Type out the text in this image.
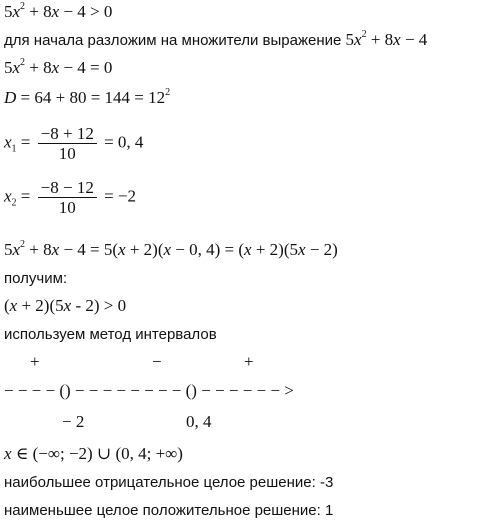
$5x^2 + 8x - 4 > 0$
для начала разложим на множители выражение $5x^2 + 8x - 4$
$5x^2 + 8x - 4 = 0$
$D = 64 + 80 = 144 = 12^2$
$x_1 = \frac{-8 + 12}{10} = 0$, 4
$x_2 = \frac{-8 - 12}{10} = -2$
$5x^2 + 8x - 4 = 5(x + 2)(x - 0$, 4) = (x + 2)(5x − 2)
получим:
(x + 2)(5x - 2) > 0
используем метод интервалов
+	−	+
− − − − () − − − − − − − − () − − − − − − >
− 2	0, 4
x ∈ (−∞; −2) ∪ (0, 4; +∞)
наибольшее отрицательное целое решение: -3
наименьшее целое положительное решение: 1
